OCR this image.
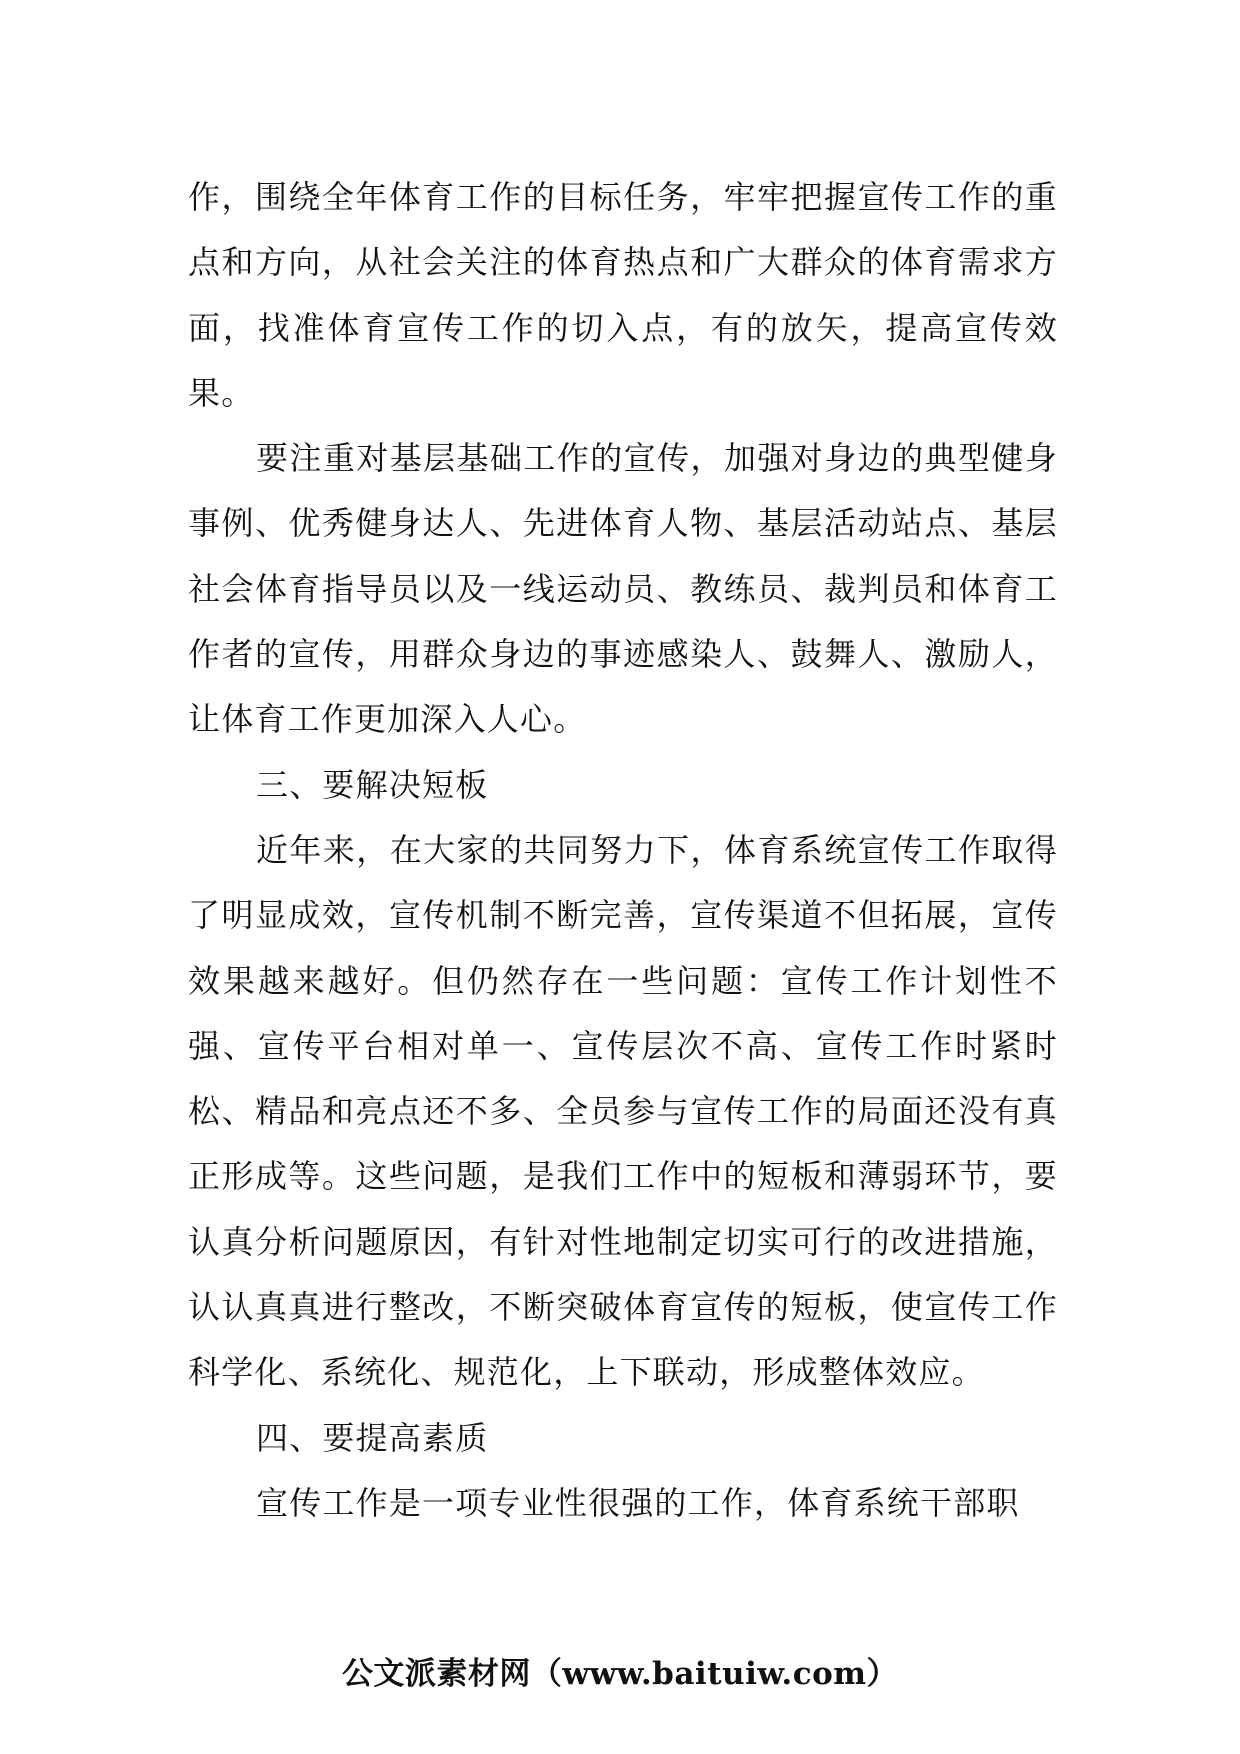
作，围绕全年体育工作的目标任务，牢牢把握宣传工作的重点和方向，从社会关注的体育热点和广大群众的体育需求方面，找准体育宣传工作的切入点，有的放矢，提高宣传效果。

要注重对基层基础工作的宣传，加强对身边的典型健身事例、优秀健身达人、先进体育人物、基层活动站点、基层社会体育指导员以及一线运动员、教练员、裁判员和体育工作者的宣传，用群众身边的事迹感染人、鼓舞人、激励人，让体育工作更加深入人心。

三、要解决短板

近年来，在大家的共同努力下，体育系统宣传工作取得了明显成效，宣传机制不断完善，宣传渠道不但拓展，宣传效果越来越好。但仍然存在一些问题：宣传工作计划性不强、宣传平台相对单一、宣传层次不高、宣传工作时紧时松、精品和亮点还不多、全员参与宣传工作的局面还没有真正形成等。这些问题，是我们工作中的短板和薄弱环节，要认真分析问题原因，有针对性地制定切实可行的改进措施，认认真真进行整改，不断突破体育宣传的短板，使宣传工作科学化、系统化、规范化，上下联动，形成整体效应。

四、要提高素质

宣传工作是一项专业性很强的工作，体育系统干部职

公文派素材网（www.baituiw.com）
